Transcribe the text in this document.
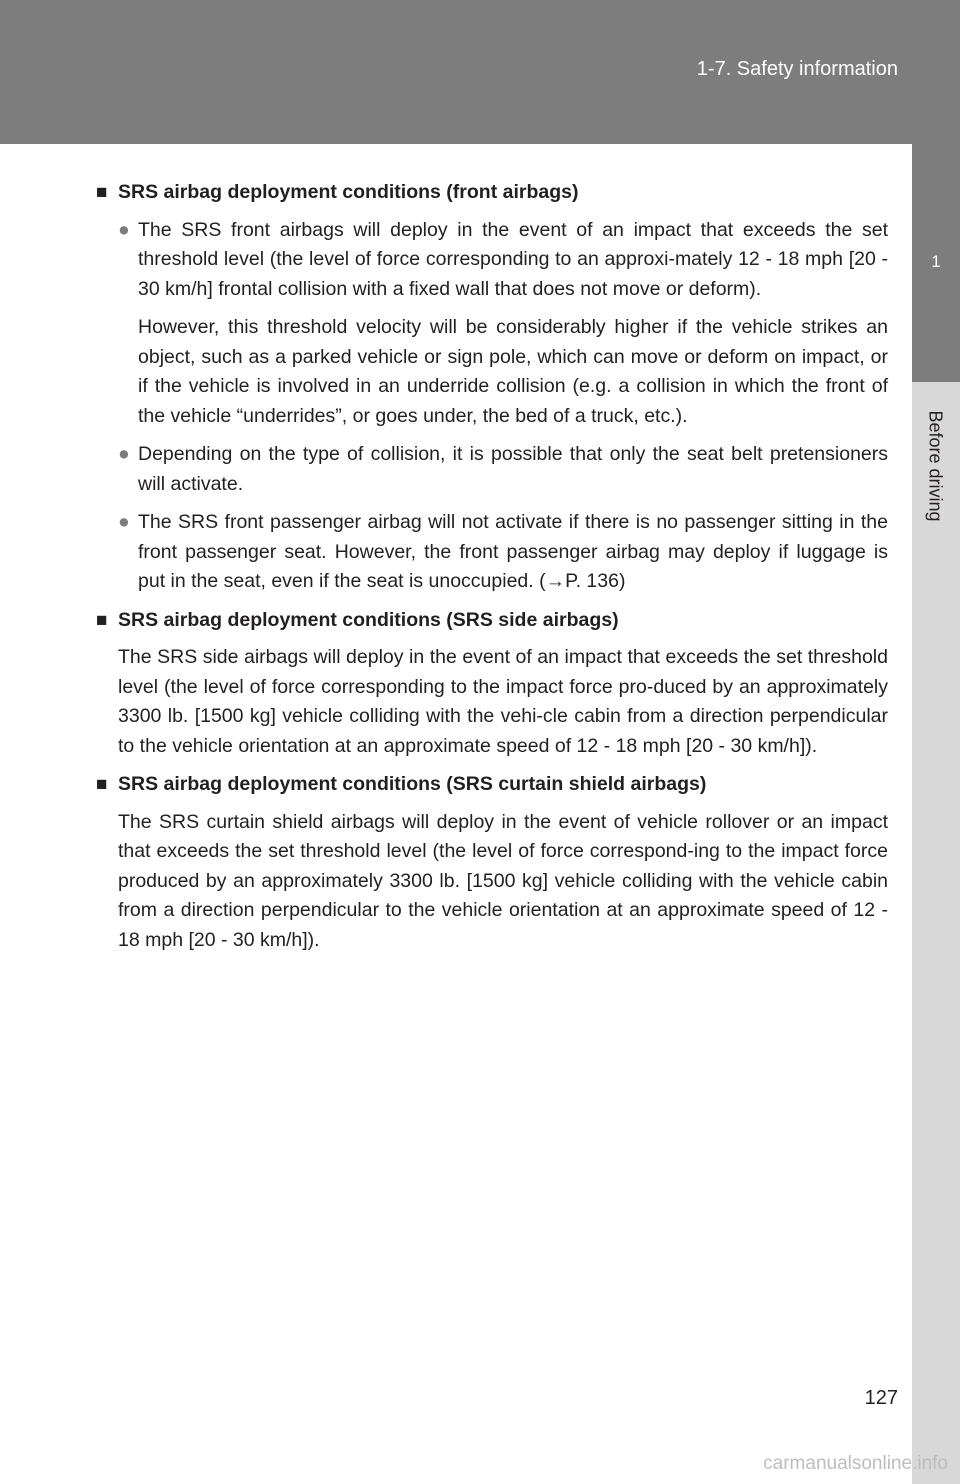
1-7. Safety information
1
Before driving
■ SRS airbag deployment conditions (front airbags)
● The SRS front airbags will deploy in the event of an impact that exceeds the set threshold level (the level of force corresponding to an approxi-mately 12 - 18 mph [20 - 30 km/h] frontal collision with a fixed wall that does not move or deform).
However, this threshold velocity will be considerably higher if the vehicle strikes an object, such as a parked vehicle or sign pole, which can move or deform on impact, or if the vehicle is involved in an underride collision (e.g. a collision in which the front of the vehicle “underrides”, or goes under, the bed of a truck, etc.).
● Depending on the type of collision, it is possible that only the seat belt pretensioners will activate.
● The SRS front passenger airbag will not activate if there is no passenger sitting in the front passenger seat. However, the front passenger airbag may deploy if luggage is put in the seat, even if the seat is unoccupied. (→P. 136)
■ SRS airbag deployment conditions (SRS side airbags)
The SRS side airbags will deploy in the event of an impact that exceeds the set threshold level (the level of force corresponding to the impact force pro-duced by an approximately 3300 lb. [1500 kg] vehicle colliding with the vehi-cle cabin from a direction perpendicular to the vehicle orientation at an approximate speed of 12 - 18 mph [20 - 30 km/h]).
■ SRS airbag deployment conditions (SRS curtain shield airbags)
The SRS curtain shield airbags will deploy in the event of vehicle rollover or an impact that exceeds the set threshold level (the level of force correspond-ing to the impact force produced by an approximately 3300 lb. [1500 kg] vehicle colliding with the vehicle cabin from a direction perpendicular to the vehicle orientation at an approximate speed of 12 - 18 mph [20 - 30 km/h]).
127
carmanualsonline.info
